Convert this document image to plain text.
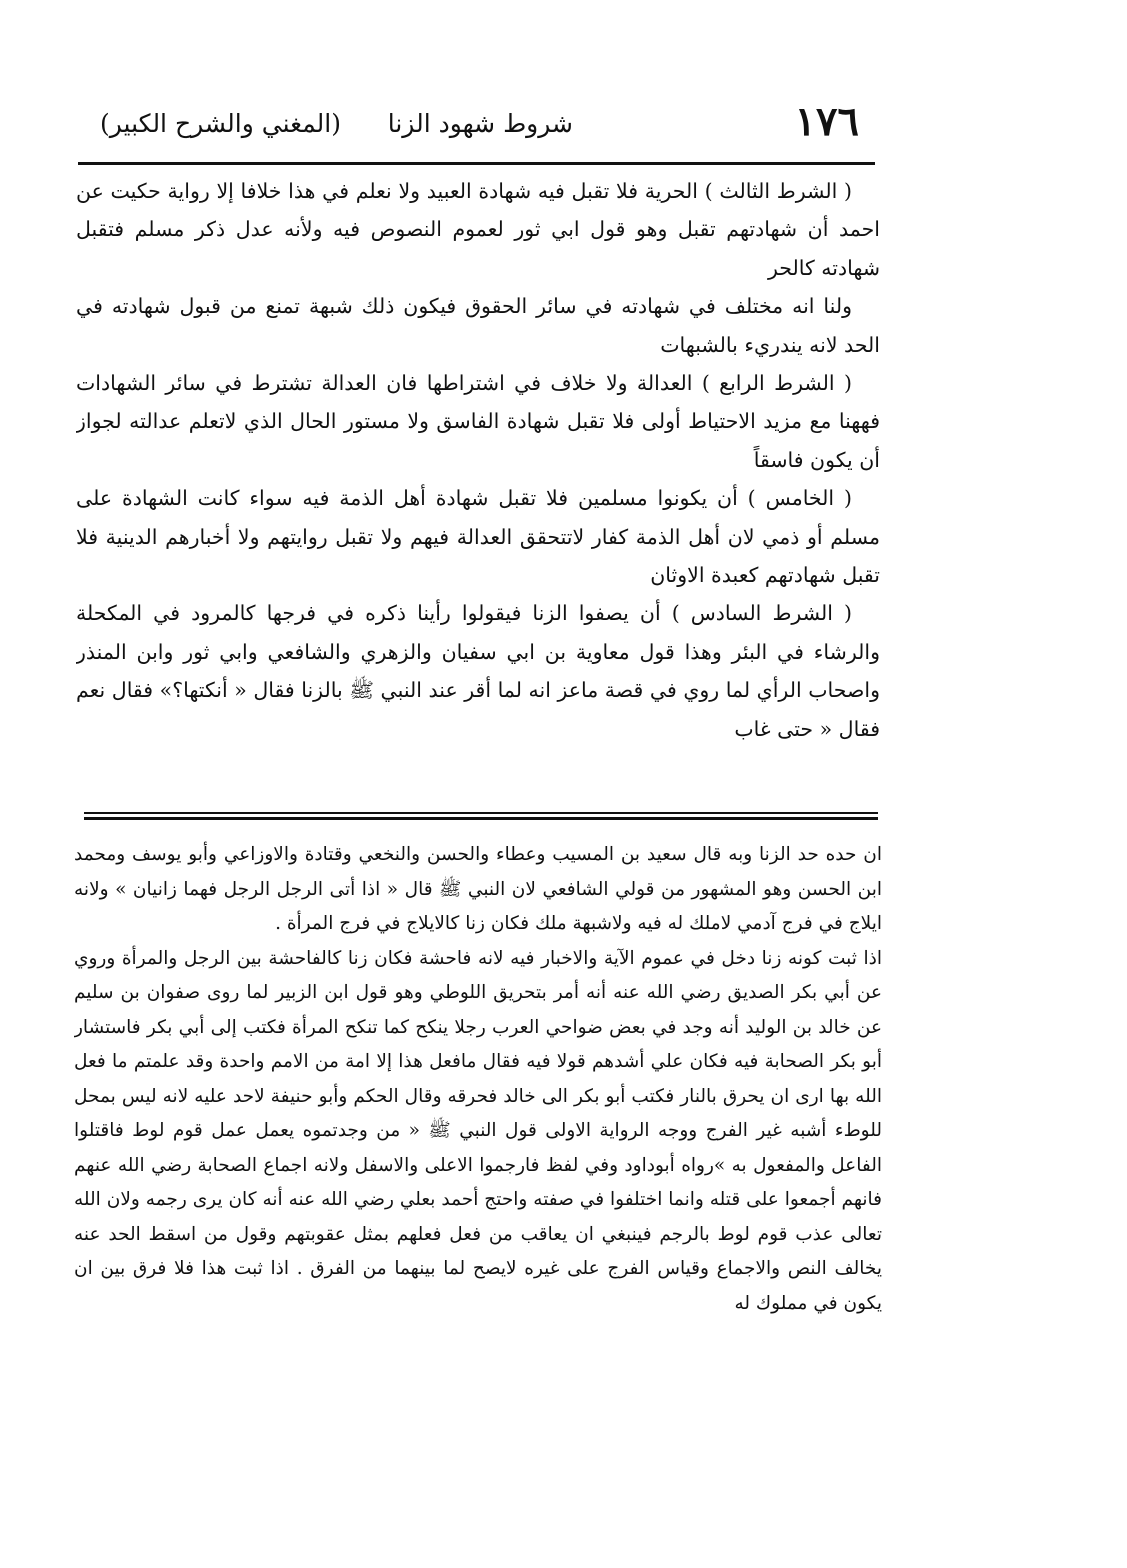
١٧٦
شروط شهود الزنا
(المغني والشرح الكبير)

( الشرط الثالث ) الحرية فلا تقبل فيه شهادة العبيد ولا نعلم في هذا خلافا إلا رواية حكيت عن احمد أن شهادتهم تقبل وهو قول ابي ثور لعموم النصوص فيه ولأنه عدل ذكر مسلم فتقبل شهادته كالحر

ولنا انه مختلف في شهادته في سائر الحقوق فيكون ذلك شبهة تمنع من قبول شهادته في الحد لانه يندريء بالشبهات

( الشرط الرابع ) العدالة ولا خلاف في اشتراطها فان العدالة تشترط في سائر الشهادات فههنا مع مزيد الاحتياط أولى فلا تقبل شهادة الفاسق ولا مستور الحال الذي لاتعلم عدالته لجواز أن يكون فاسقاً

( الخامس ) أن يكونوا مسلمين فلا تقبل شهادة أهل الذمة فيه سواء كانت الشهادة على مسلم أو ذمي لان أهل الذمة كفار لاتتحقق العدالة فيهم ولا تقبل روايتهم ولا أخبارهم الدينية فلا تقبل شهادتهم كعبدة الاوثان

( الشرط السادس ) أن يصفوا الزنا فيقولوا رأينا ذكره في فرجها كالمرود في المكحلة والرشاء في البئر وهذا قول معاوية بن ابي سفيان والزهري والشافعي وابي ثور وابن المنذر واصحاب الرأي لما روي في قصة ماعز انه لما أقر عند النبي ﷺ بالزنا فقال « أنكتها؟» فقال نعم فقال « حتى غاب

ان حده حد الزنا وبه قال سعيد بن المسيب وعطاء والحسن والنخعي وقتادة والاوزاعي وأبو يوسف ومحمد ابن الحسن وهو المشهور من قولي الشافعي لان النبي ﷺ قال « اذا أتى الرجل الرجل فهما زانيان » ولانه ايلاج في فرج آدمي لاملك له فيه ولاشبهة ملك فكان زنا كالايلاج في فرج المرأة .

اذا ثبت كونه زنا دخل في عموم الآية والاخبار فيه لانه فاحشة فكان زنا كالفاحشة بين الرجل والمرأة وروي عن أبي بكر الصديق رضي الله عنه أنه أمر بتحريق اللوطي وهو قول ابن الزبير لما روى صفوان بن سليم عن خالد بن الوليد أنه وجد في بعض ضواحي العرب رجلا ينكح كما تنكح المرأة فكتب إلى أبي بكر فاستشار أبو بكر الصحابة فيه فكان علي أشدهم قولا فيه فقال مافعل هذا إلا امة من الامم واحدة وقد علمتم ما فعل الله بها ارى ان يحرق بالنار فكتب أبو بكر الى خالد فحرقه وقال الحكم وأبو حنيفة لاحد عليه لانه ليس بمحل للوطء أشبه غير الفرج ووجه الرواية الاولى قول النبي ﷺ « من وجدتموه يعمل عمل قوم لوط فاقتلوا الفاعل والمفعول به »رواه أبوداود وفي لفظ فارجموا الاعلى والاسفل ولانه اجماع الصحابة رضي الله عنهم فانهم أجمعوا على قتله وانما اختلفوا في صفته واحتج أحمد بعلي رضي الله عنه أنه كان يرى رجمه ولان الله تعالى عذب قوم لوط بالرجم فينبغي ان يعاقب من فعل فعلهم بمثل عقوبتهم وقول من اسقط الحد عنه يخالف النص والاجماع وقياس الفرج على غيره لايصح لما بينهما من الفرق . اذا ثبت هذا فلا فرق بين ان يكون في مملوك له
